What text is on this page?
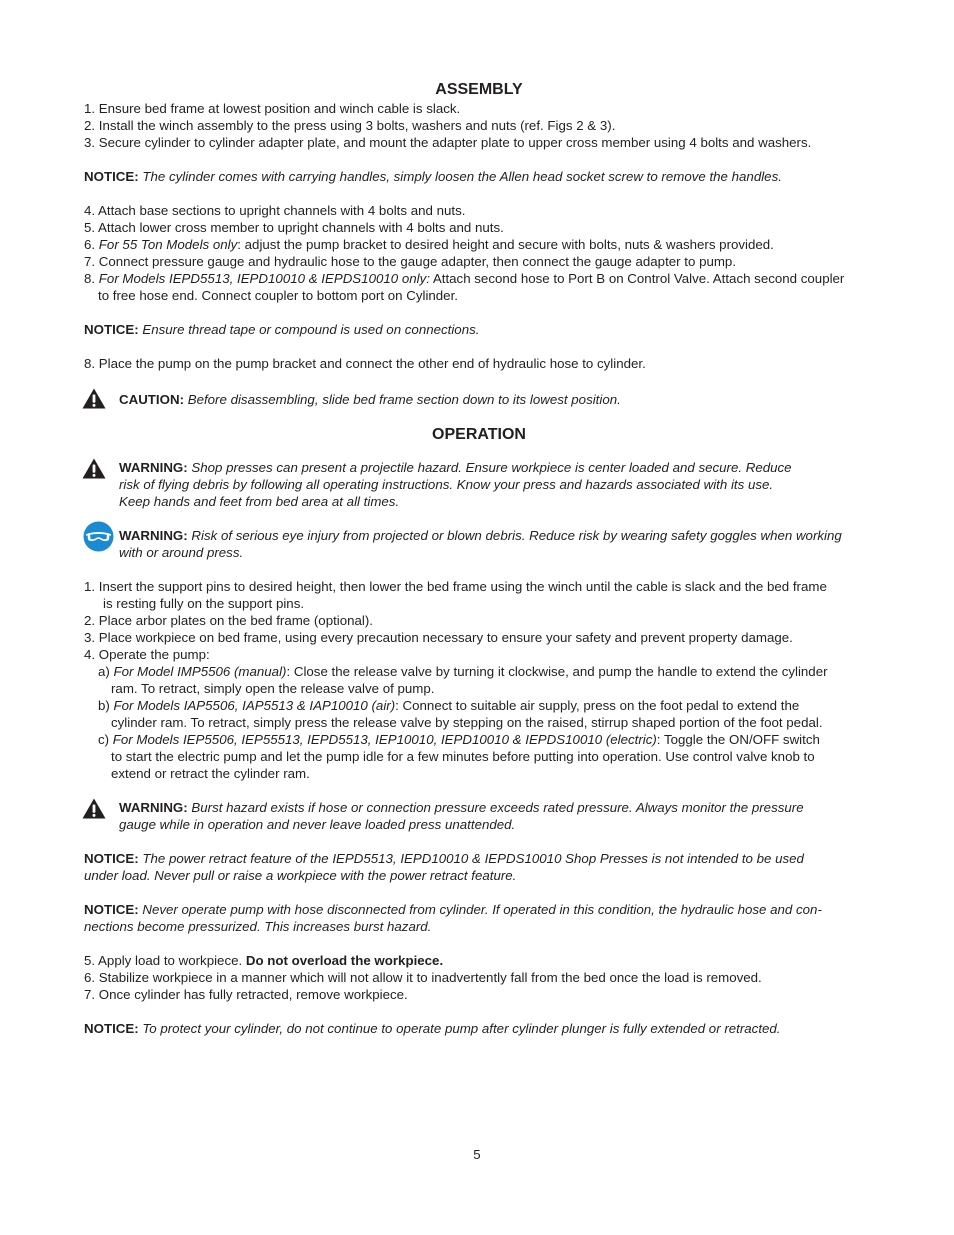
ASSEMBLY
1. Ensure bed frame at lowest position and winch cable is slack.
2. Install the winch assembly to the press using 3 bolts, washers and nuts (ref. Figs 2 & 3).
3. Secure cylinder to cylinder adapter plate, and mount the adapter plate to upper cross member using 4 bolts and washers.
NOTICE: The cylinder comes with carrying handles, simply loosen the Allen head socket screw to remove the handles.
4. Attach base sections to upright channels with 4 bolts and nuts.
5. Attach lower cross member to upright channels with 4 bolts and nuts.
6. For 55 Ton Models only: adjust the pump bracket to desired height and secure with bolts, nuts & washers provided.
7. Connect pressure gauge and hydraulic hose to the gauge adapter, then connect the gauge adapter to pump.
8. For Models IEPD5513, IEPD10010 & IEPDS10010 only: Attach second hose to Port B on Control Valve. Attach second coupler
to free hose end. Connect coupler to bottom port on Cylinder.
NOTICE: Ensure thread tape or compound is used on connections.
8. Place the pump on the pump bracket and connect the other end of hydraulic hose to cylinder.
CAUTION: Before disassembling, slide bed frame section down to its lowest position.
OPERATION
WARNING: Shop presses can present a projectile hazard. Ensure workpiece is center loaded and secure. Reduce
risk of flying debris by following all operating instructions. Know your press and hazards associated with its use.
Keep hands and feet from bed area at all times.
WARNING: Risk of serious eye injury from projected or blown debris. Reduce risk by wearing safety goggles when working
with or around press.
1. Insert the support pins to desired height, then lower the bed frame using the winch until the cable is slack and the bed frame
is resting fully on the support pins.
2. Place arbor plates on the bed frame (optional).
3. Place workpiece on bed frame, using every precaution necessary to ensure your safety and prevent property damage.
4. Operate the pump:
a) For Model IMP5506 (manual): Close the release valve by turning it clockwise, and pump the handle to extend the cylinder
ram. To retract, simply open the release valve of pump.
b) For Models IAP5506, IAP5513 & IAP10010 (air): Connect to suitable air supply, press on the foot pedal to extend the
cylinder ram. To retract, simply press the release valve by stepping on the raised, stirrup shaped portion of the foot pedal.
c) For Models IEP5506, IEP55513, IEPD5513, IEP10010, IEPD10010 & IEPDS10010 (electric): Toggle the ON/OFF switch
to start the electric pump and let the pump idle for a few minutes before putting into operation. Use control valve knob to
extend or retract the cylinder ram.
WARNING: Burst hazard exists if hose or connection pressure exceeds rated pressure. Always monitor the pressure
gauge while in operation and never leave loaded press unattended.
NOTICE: The power retract feature of the IEPD5513, IEPD10010 & IEPDS10010 Shop Presses is not intended to be used
under load. Never pull or raise a workpiece with the power retract feature.
NOTICE: Never operate pump with hose disconnected from cylinder. If operated in this condition, the hydraulic hose and con-
nections become pressurized. This increases burst hazard.
5. Apply load to workpiece. Do not overload the workpiece.
6. Stabilize workpiece in a manner which will not allow it to inadvertently fall from the bed once the load is removed.
7. Once cylinder has fully retracted, remove workpiece.
NOTICE: To protect your cylinder, do not continue to operate pump after cylinder plunger is fully extended or retracted.
5
